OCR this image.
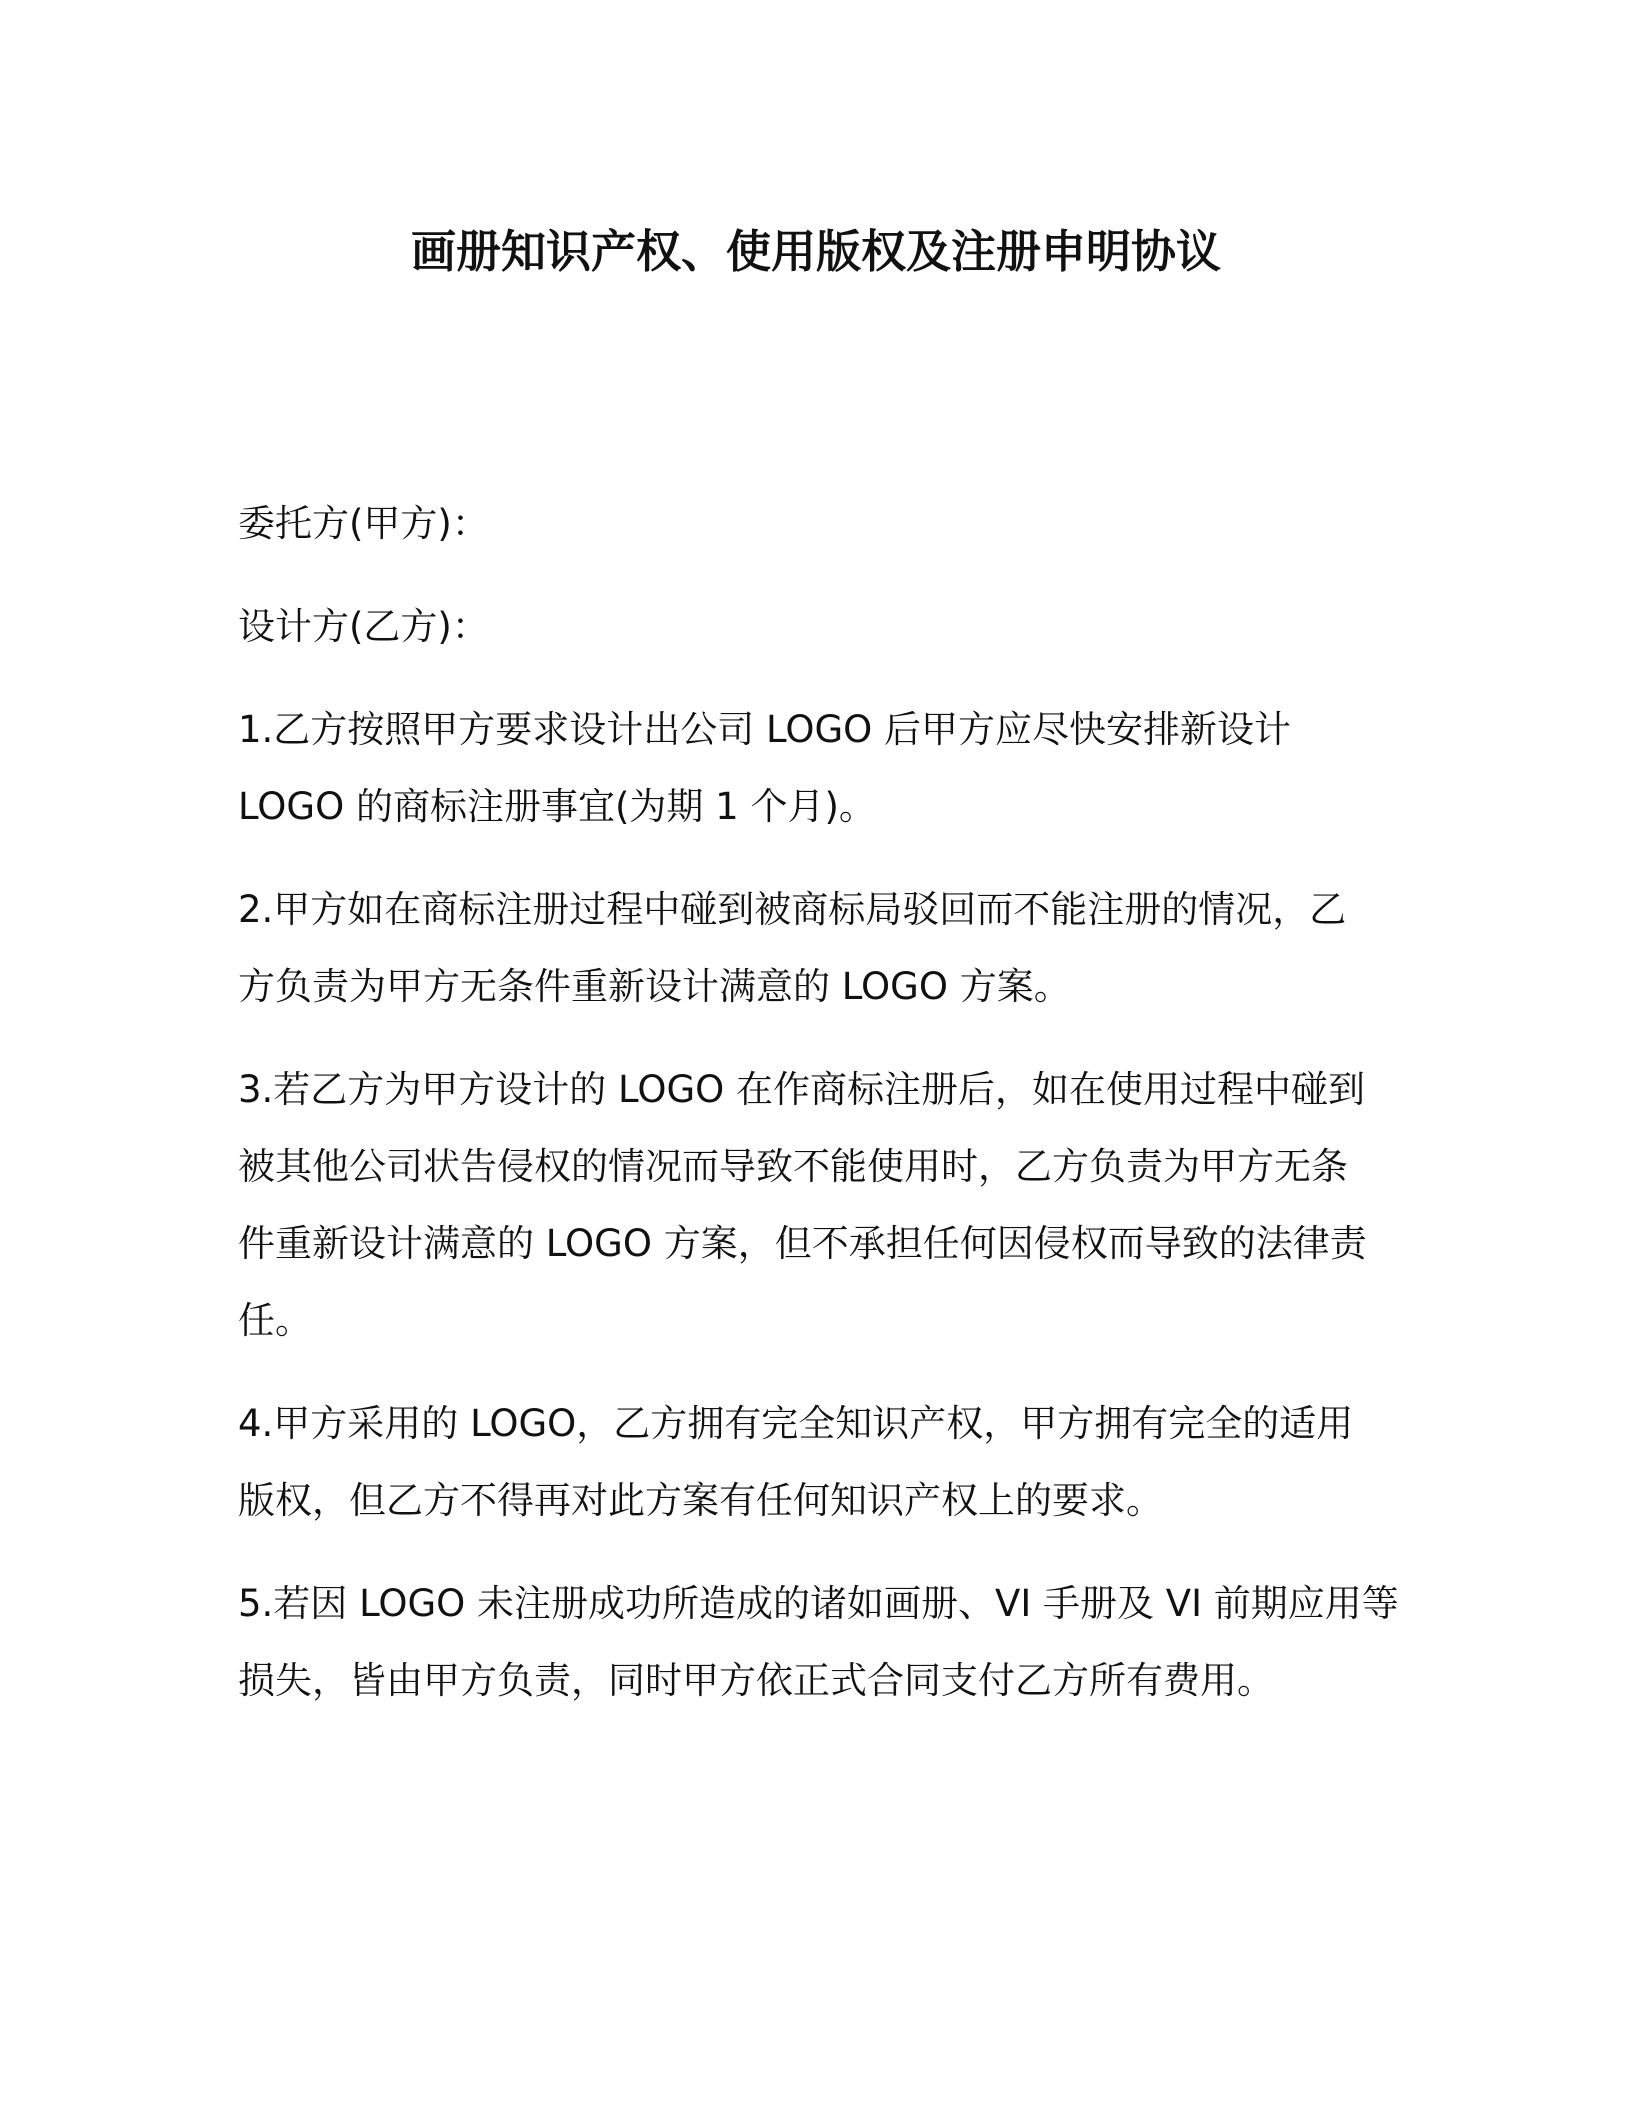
画册知识产权、使用版权及注册申明协议
委托方(甲方)：
设计方(乙方)：
1.乙方按照甲方要求设计出公司 LOGO 后甲方应尽快安排新设计
LOGO 的商标注册事宜(为期 1 个月)。
2.甲方如在商标注册过程中碰到被商标局驳回而不能注册的情况，乙
方负责为甲方无条件重新设计满意的 LOGO 方案。
3.若乙方为甲方设计的 LOGO 在作商标注册后，如在使用过程中碰到
被其他公司状告侵权的情况而导致不能使用时，乙方负责为甲方无条
件重新设计满意的 LOGO 方案，但不承担任何因侵权而导致的法律责
任。
4.甲方采用的 LOGO，乙方拥有完全知识产权，甲方拥有完全的适用
版权，但乙方不得再对此方案有任何知识产权上的要求。
5.若因 LOGO 未注册成功所造成的诸如画册、VI 手册及 VI 前期应用等
损失，皆由甲方负责，同时甲方依正式合同支付乙方所有费用。
